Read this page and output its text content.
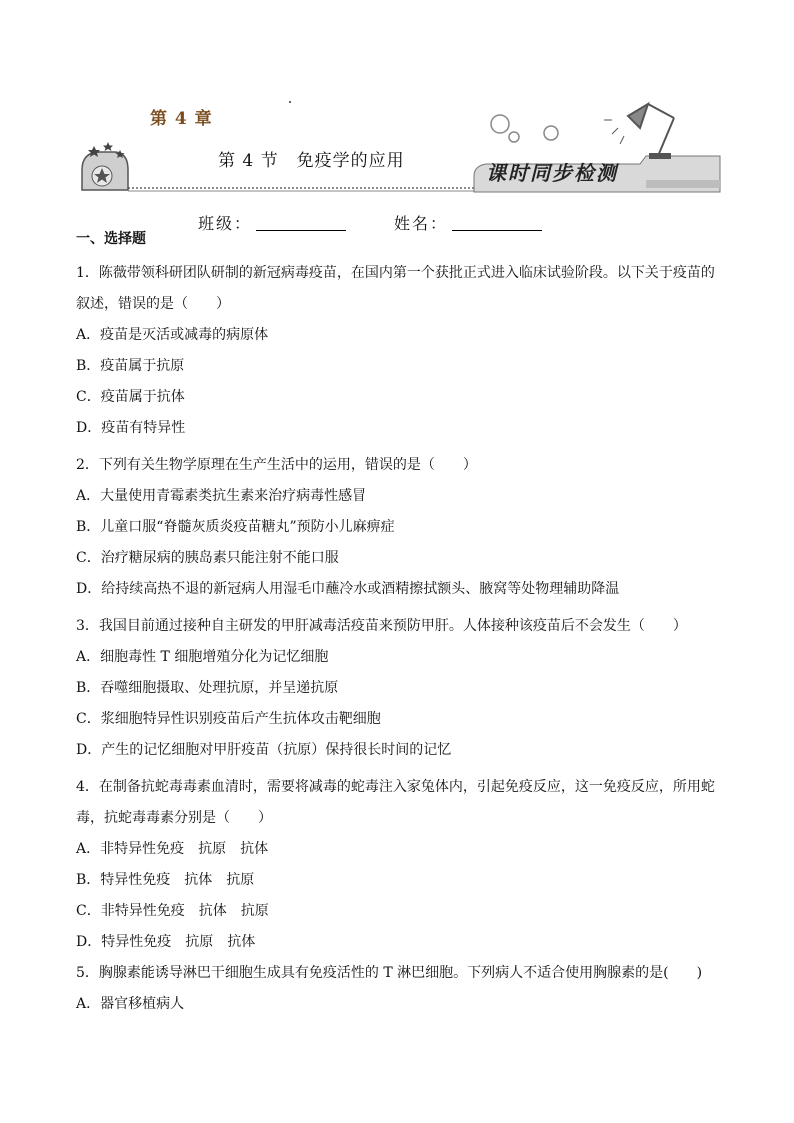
第 4 章
第 4 节　免疫学的应用	课时同步检测
班级：	姓名：
一、选择题

1．陈薇带领科研团队研制的新冠病毒疫苗，在国内第一个获批正式进入临床试验阶段。以下关于疫苗的叙述，错误的是（　　）

A．疫苗是灭活或减毒的病原体

B．疫苗属于抗原

C．疫苗属于抗体

D．疫苗有特异性

2．下列有关生物学原理在生产生活中的运用，错误的是（　　）

A．大量使用青霉素类抗生素来治疗病毒性感冒

B．儿童口服“脊髓灰质炎疫苗糖丸”预防小儿麻痹症

C．治疗糖尿病的胰岛素只能注射不能口服

D．给持续高热不退的新冠病人用湿毛巾蘸冷水或酒精擦拭额头、腋窝等处物理辅助降温

3．我国目前通过接种自主研发的甲肝减毒活疫苗来预防甲肝。人体接种该疫苗后不会发生（　　）

A．细胞毒性 T 细胞增殖分化为记忆细胞

B．吞噬细胞摄取、处理抗原，并呈递抗原

C．浆细胞特异性识别疫苗后产生抗体攻击靶细胞

D．产生的记忆细胞对甲肝疫苗（抗原）保持很长时间的记忆

4．在制备抗蛇毒毒素血清时，需要将减毒的蛇毒注入家兔体内，引起免疫反应，这一免疫反应，所用蛇毒，抗蛇毒毒素分别是（　　）

A．非特异性免疫　抗原　抗体

B．特异性免疫　抗体　抗原

C．非特异性免疫　抗体　抗原

D．特异性免疫　抗原　抗体

5．胸腺素能诱导淋巴干细胞生成具有免疫活性的 T 淋巴细胞。下列病人不适合使用胸腺素的是(　　)

A．器官移植病人
